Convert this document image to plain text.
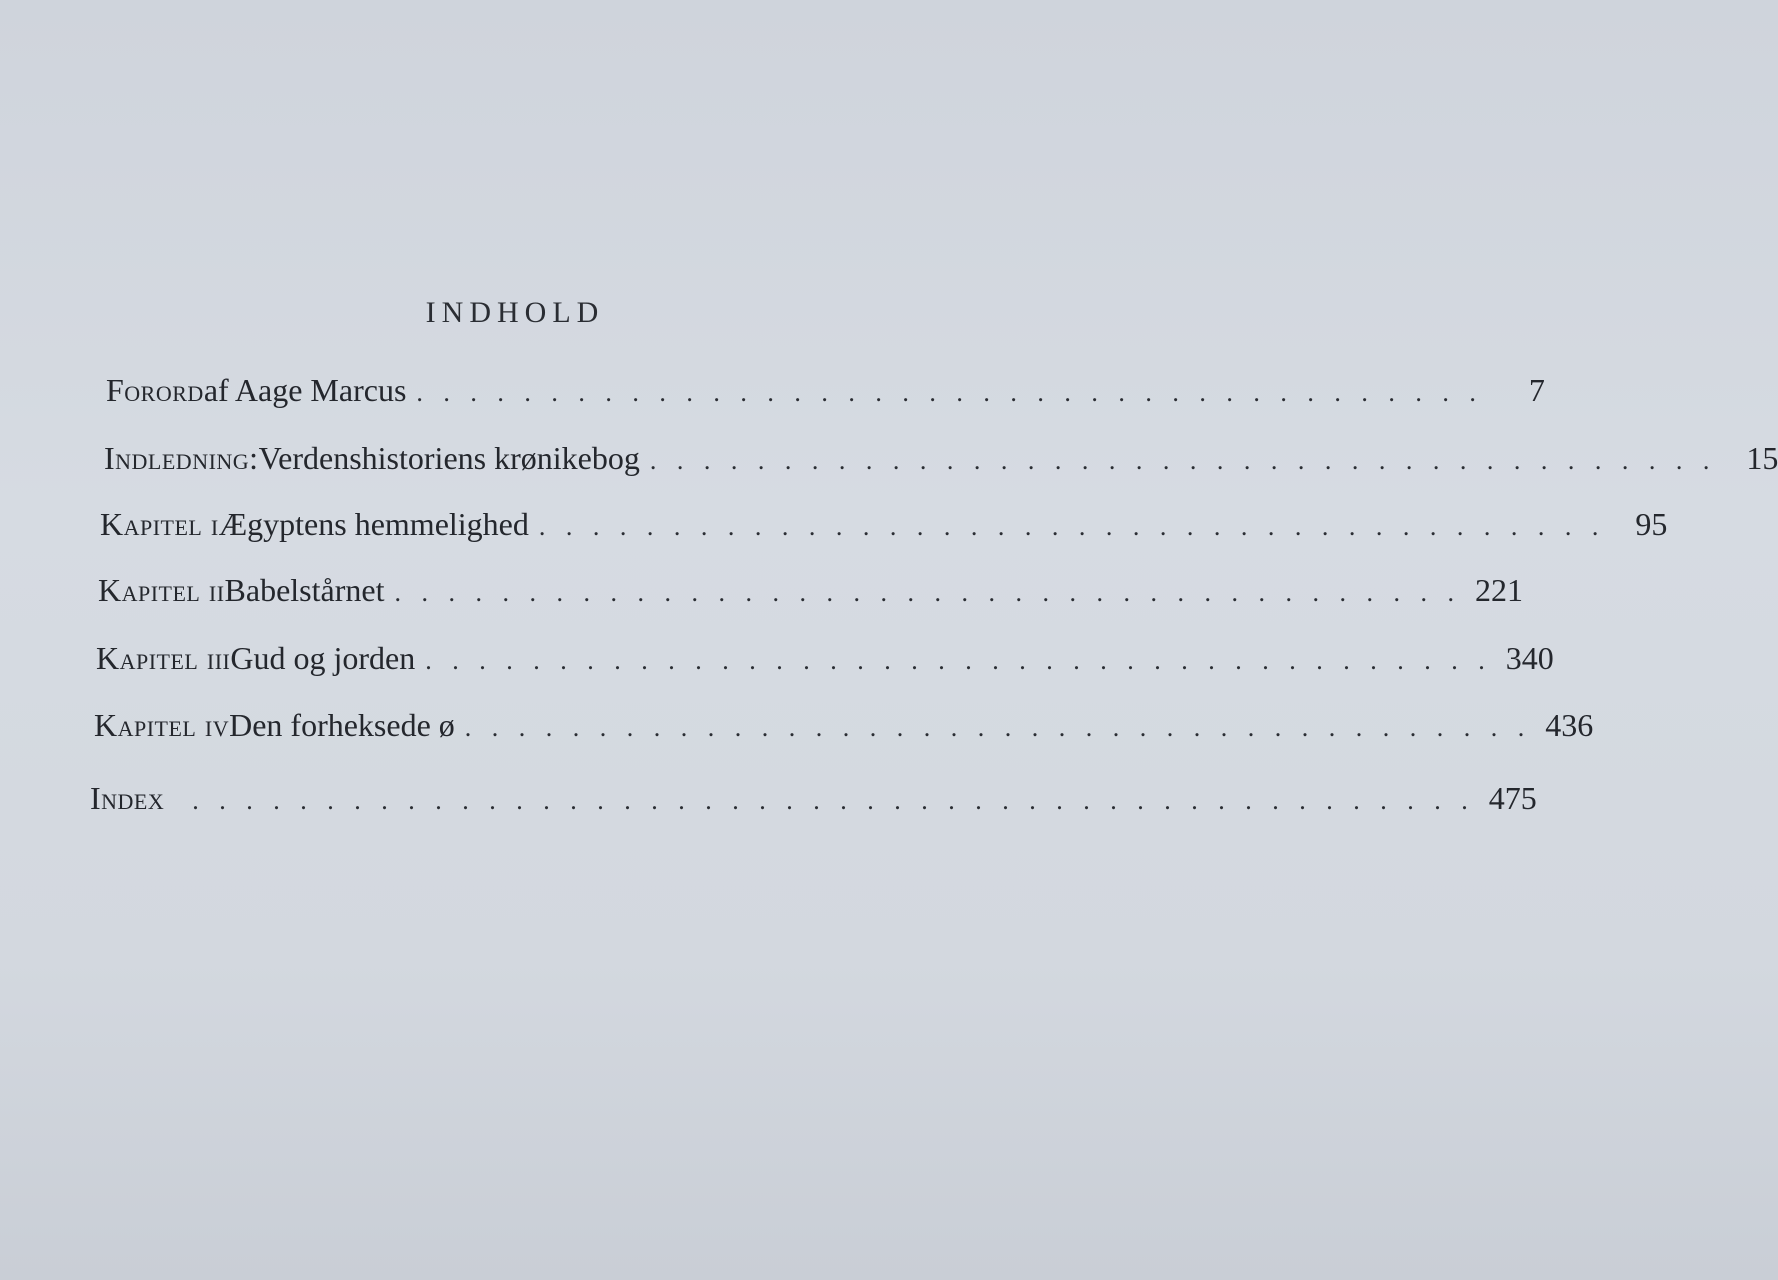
INDHOLD
Forord af Aage Marcus . . . . . . . . . . . . . . . . . . . . . . . . . . . . . . . . . . . . . . . .	7
Indledning: Verdenshistoriens krønikebog . . . . . . . . . . . . . . . . . . . . . . . . . . . . . . . . . . . . . . . . 15
Kapitel i Ægyptens hemmelighed . . . . . . . . . . . . . . . . . . . . . . . . . . . . . . . . . . . . . . . . 95
Kapitel ii Babelstårnet . . . . . . . . . . . . . . . . . . . . . . . . . . . . . . . . . . . . . . . . 221
Kapitel iii Gud og jorden . . . . . . . . . . . . . . . . . . . . . . . . . . . . . . . . . . . . . . . . 340
Kapitel iv Den forheksede ø . . . . . . . . . . . . . . . . . . . . . . . . . . . . . . . . . . . . . . . . 436
Index . . . . . . . . . . . . . . . . . . . . . . . . . . . . . . . . . . . . . . . . . . . . . . . . 475
